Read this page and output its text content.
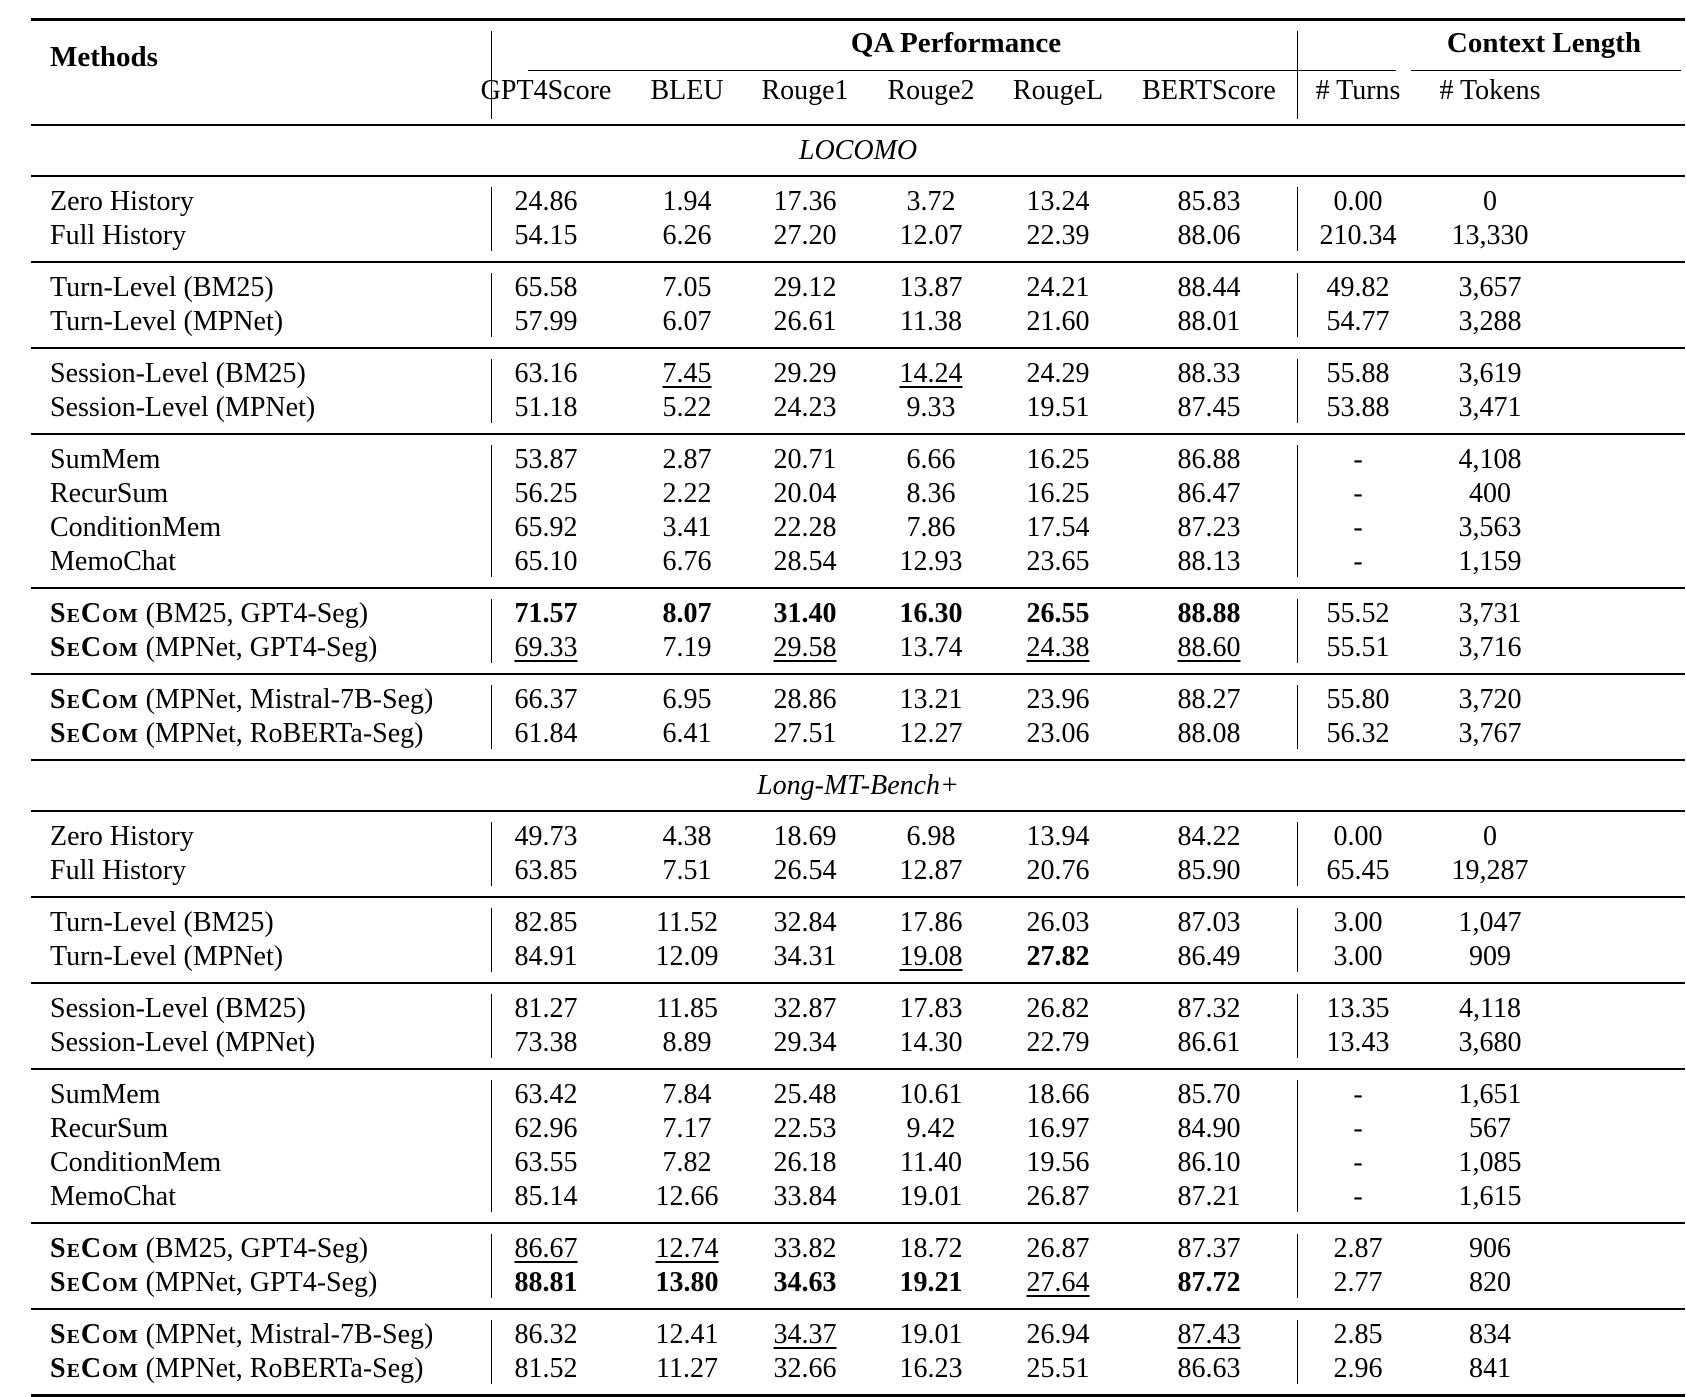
Methods	QA Performance	Context Length
GPT4Score	BLEU	Rouge1	Rouge2	RougeL	BERTScore	# Turns	# Tokens
LOCOMO
Zero History	24.86	1.94	17.36	3.72	13.24	85.83	0.00	0
Full History	54.15	6.26	27.20	12.07	22.39	88.06	210.34	13,330
Turn-Level (BM25)	65.58	7.05	29.12	13.87	24.21	88.44	49.82	3,657
Turn-Level (MPNet)	57.99	6.07	26.61	11.38	21.60	88.01	54.77	3,288
Session-Level (BM25)	63.16	7.45	29.29	14.24	24.29	88.33	55.88	3,619
Session-Level (MPNet)	51.18	5.22	24.23	9.33	19.51	87.45	53.88	3,471
SumMem	53.87	2.87	20.71	6.66	16.25	86.88	-	4,108
RecurSum	56.25	2.22	20.04	8.36	16.25	86.47	-	400
ConditionMem	65.92	3.41	22.28	7.86	17.54	87.23	-	3,563
MemoChat	65.10	6.76	28.54	12.93	23.65	88.13	-	1,159
SeCom (BM25, GPT4-Seg)	71.57	8.07	31.40	16.30	26.55	88.88	55.52	3,731
SeCom (MPNet, GPT4-Seg)	69.33	7.19	29.58	13.74	24.38	88.60	55.51	3,716
SeCom (MPNet, Mistral-7B-Seg)	66.37	6.95	28.86	13.21	23.96	88.27	55.80	3,720
SeCom (MPNet, RoBERTa-Seg)	61.84	6.41	27.51	12.27	23.06	88.08	56.32	3,767
Long-MT-Bench+
Zero History	49.73	4.38	18.69	6.98	13.94	84.22	0.00	0
Full History	63.85	7.51	26.54	12.87	20.76	85.90	65.45	19,287
Turn-Level (BM25)	82.85	11.52	32.84	17.86	26.03	87.03	3.00	1,047
Turn-Level (MPNet)	84.91	12.09	34.31	19.08	27.82	86.49	3.00	909
Session-Level (BM25)	81.27	11.85	32.87	17.83	26.82	87.32	13.35	4,118
Session-Level (MPNet)	73.38	8.89	29.34	14.30	22.79	86.61	13.43	3,680
SumMem	63.42	7.84	25.48	10.61	18.66	85.70	-	1,651
RecurSum	62.96	7.17	22.53	9.42	16.97	84.90	-	567
ConditionMem	63.55	7.82	26.18	11.40	19.56	86.10	-	1,085
MemoChat	85.14	12.66	33.84	19.01	26.87	87.21	-	1,615
SeCom (BM25, GPT4-Seg)	86.67	12.74	33.82	18.72	26.87	87.37	2.87	906
SeCom (MPNet, GPT4-Seg)	88.81	13.80	34.63	19.21	27.64	87.72	2.77	820
SeCom (MPNet, Mistral-7B-Seg)	86.32	12.41	34.37	19.01	26.94	87.43	2.85	834
SeCom (MPNet, RoBERTa-Seg)	81.52	11.27	32.66	16.23	25.51	86.63	2.96	841
